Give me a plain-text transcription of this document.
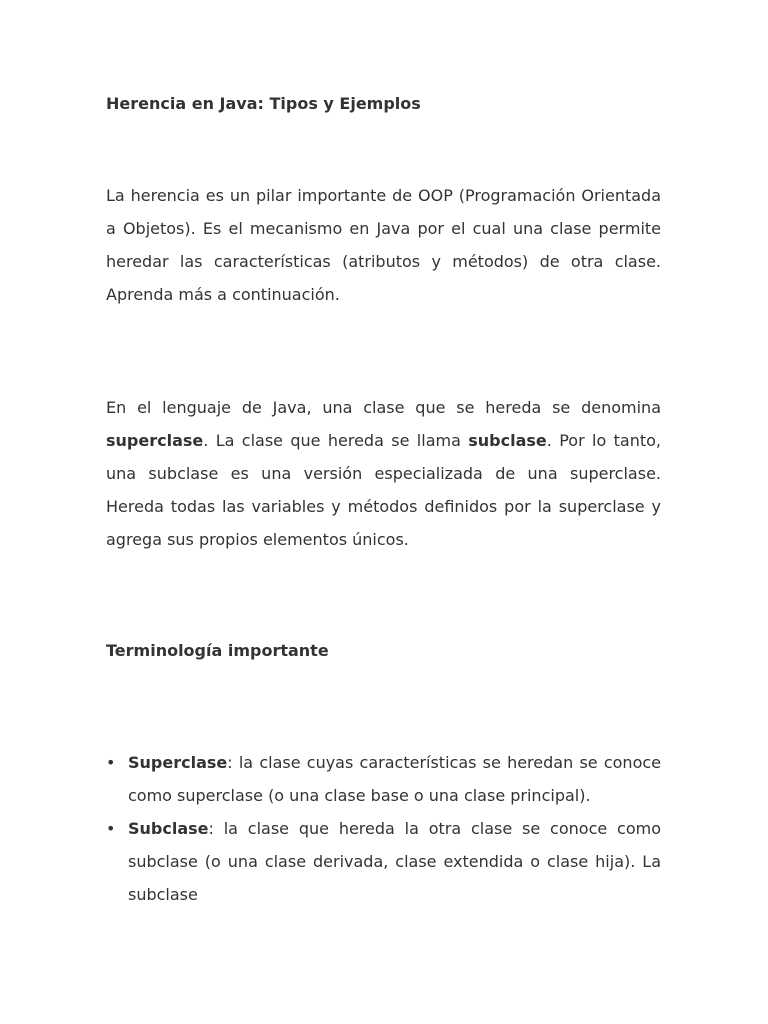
Herencia en Java: Tipos y Ejemplos

La herencia es un pilar importante de OOP (Programación Orientada a Objetos). Es el mecanismo en Java por el cual una clase permite heredar las características (atributos y métodos) de otra clase. Aprenda más a continuación.

En el lenguaje de Java, una clase que se hereda se denomina superclase. La clase que hereda se llama subclase. Por lo tanto, una subclase es una versión especializada de una superclase. Hereda todas las variables y métodos definidos por la superclase y agrega sus propios elementos únicos.

Terminología importante
• Superclase: la clase cuyas características se heredan se conoce como superclase (o una clase base o una clase principal).
• Subclase: la clase que hereda la otra clase se conoce como subclase (o una clase derivada, clase extendida o clase hija). La subclase
